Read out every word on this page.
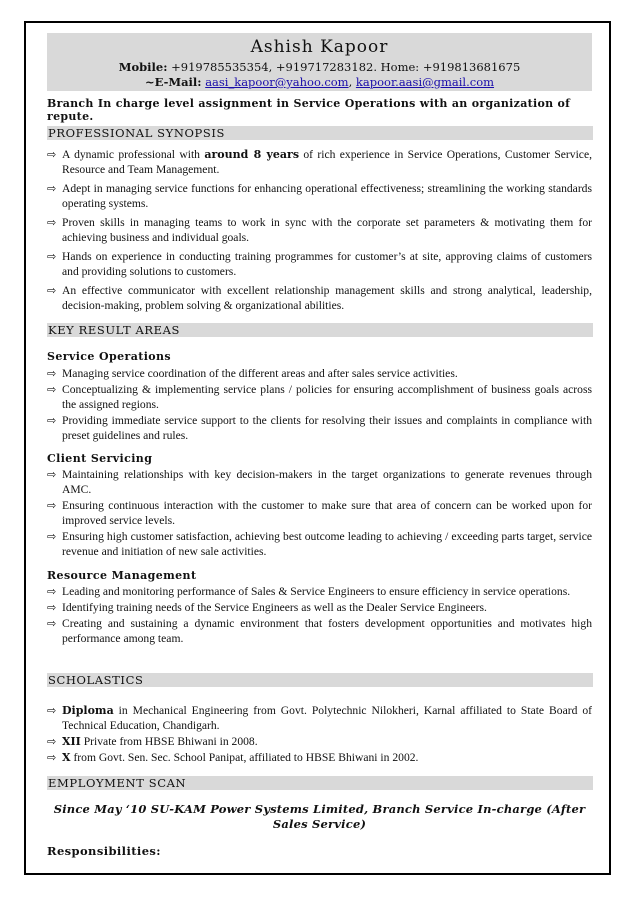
Ashish Kapoor
Mobile: +919785535354, +919717283182. Home: +919813681675
~E-Mail: aasi_kapoor@yahoo.com, kapoor.aasi@gmail.com
Branch In charge level assignment in Service Operations with an organization of repute.
PROFESSIONAL SYNOPSIS
⇨ A dynamic professional with around 8 years of rich experience in Service Operations, Customer Service, Resource and Team Management.
⇨ Adept in managing service functions for enhancing operational effectiveness; streamlining the working standards operating systems.
⇨ Proven skills in managing teams to work in sync with the corporate set parameters & motivating them for achieving business and individual goals.
⇨ Hands on experience in conducting training programmes for customer’s at site, approving claims of customers and providing solutions to customers.
⇨ An effective communicator with excellent relationship management skills and strong analytical, leadership, decision-making, problem solving & organizational abilities.
KEY RESULT AREAS
Service Operations
⇨ Managing service coordination of the different areas and after sales service activities.
⇨ Conceptualizing & implementing service plans / policies for ensuring accomplishment of business goals across the assigned regions.
⇨ Providing immediate service support to the clients for resolving their issues and complaints in compliance with preset guidelines and rules.
Client Servicing
⇨ Maintaining relationships with key decision-makers in the target organizations to generate revenues through AMC.
⇨ Ensuring continuous interaction with the customer to make sure that area of concern can be worked upon for improved service levels.
⇨ Ensuring high customer satisfaction, achieving best outcome leading to achieving / exceeding parts target, service revenue and initiation of new sale activities.
Resource Management
⇨ Leading and monitoring performance of Sales & Service Engineers to ensure efficiency in service operations.
⇨ Identifying training needs of the Service Engineers as well as the Dealer Service Engineers.
⇨ Creating and sustaining a dynamic environment that fosters development opportunities and motivates high performance among team.
SCHOLASTICS
⇨ Diploma in Mechanical Engineering from Govt. Polytechnic Nilokheri, Karnal affiliated to State Board of Technical Education, Chandigarh.
⇨ XII Private from HBSE Bhiwani in 2008.
⇨ X from Govt. Sen. Sec. School Panipat, affiliated to HBSE Bhiwani in 2002.
EMPLOYMENT SCAN
Since May ‘10 SU-KAM Power Systems Limited, Branch Service In-charge (After Sales Service)
Responsibilities:
